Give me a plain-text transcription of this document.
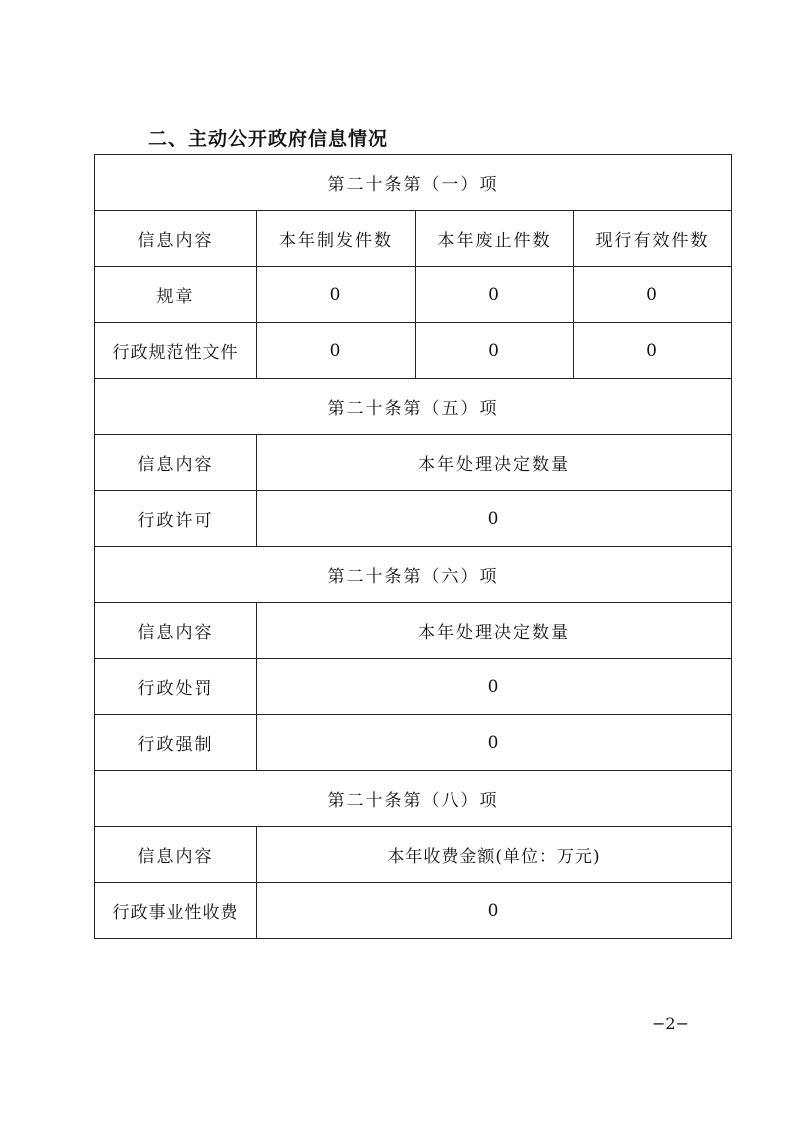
二、主动公开政府信息情况
第二十条第（一）项			
信息内容	本年制发件数	本年废止件数	现行有效件数
规章	0	0	0
行政规范性文件	0	0	0
第二十条第（五）项			
信息内容	本年处理决定数量		
行政许可	0		
第二十条第（六）项			
信息内容	本年处理决定数量		
行政处罚	0		
行政强制	0		
第二十条第（八）项			
信息内容	本年收费金额(单位：万元)		
行政事业性收费	0		
−2−
